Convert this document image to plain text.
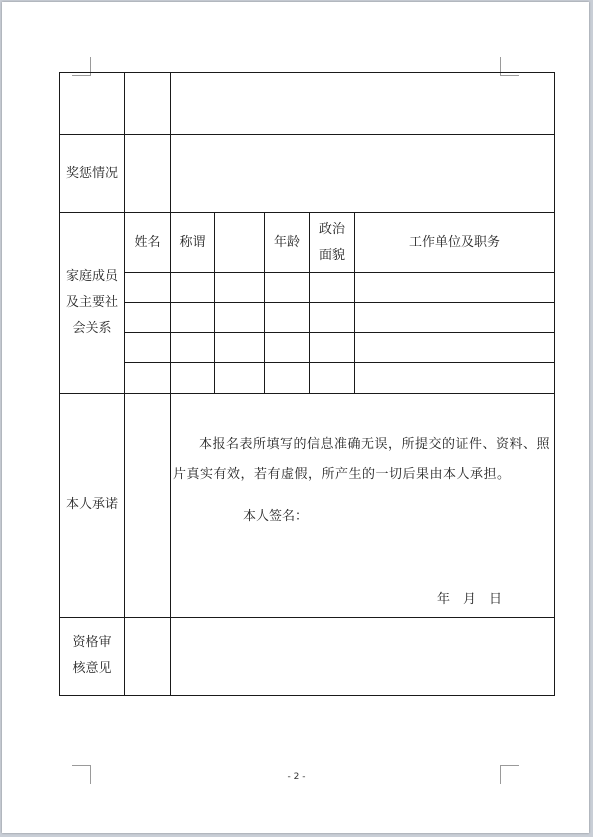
奖惩情况						
家庭成员及主要社会关系	姓名	称谓		年龄	政治面貌	工作单位及职务

本人承诺		本报名表所填写的信息准确无误，所提交的证件、资料、照片真实有效，若有虚假，所产生的一切后果由本人承担。
本人签名：
年　月　日				

资格审核意见						
- 2 -
